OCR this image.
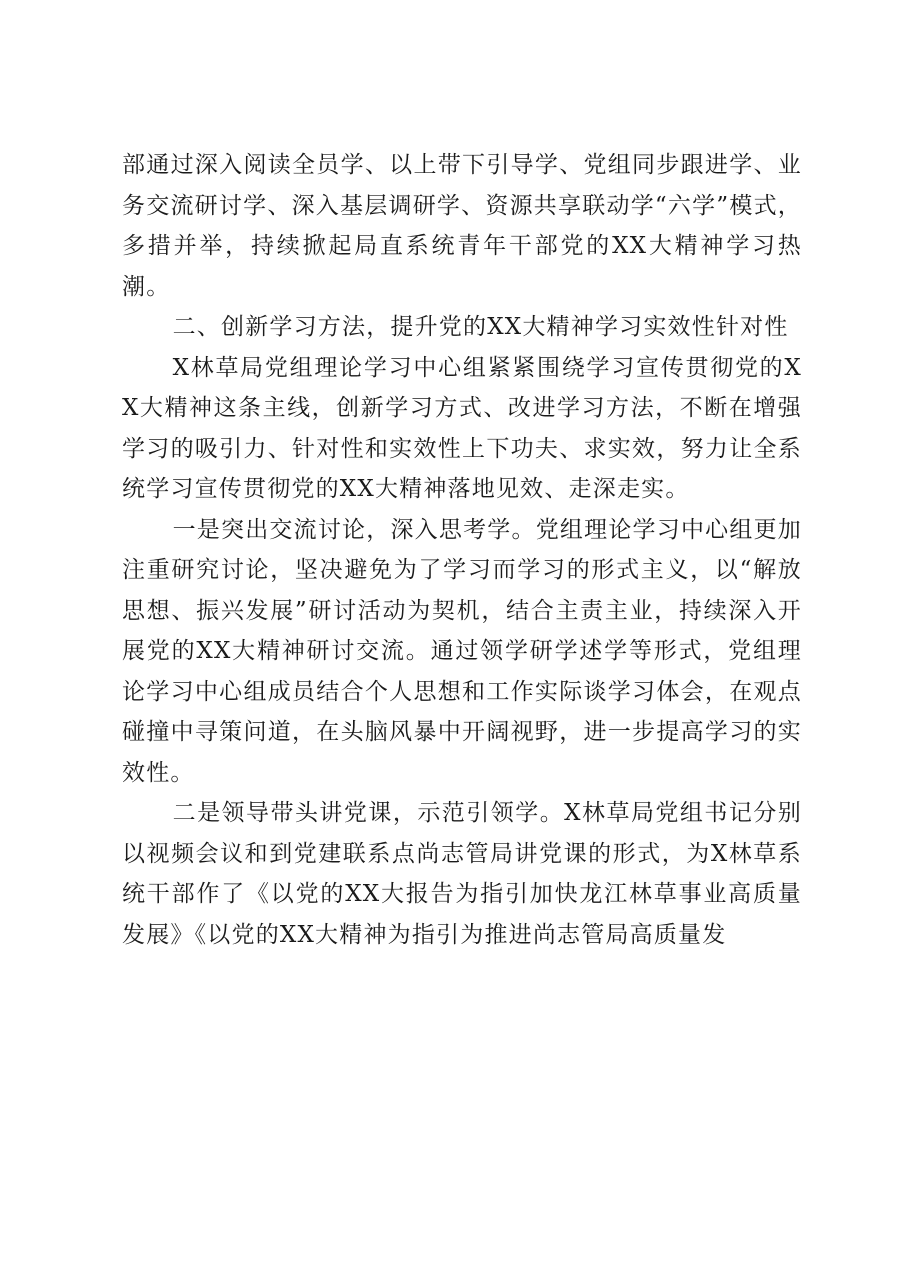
部通过深入阅读全员学、以上带下引导学、党组同步跟进学、业务交流研讨学、深入基层调研学、资源共享联动学“六学”模式，多措并举，持续掀起局直系统青年干部党的XX大精神学习热潮。

二、创新学习方法，提升党的XX大精神学习实效性针对性

X林草局党组理论学习中心组紧紧围绕学习宣传贯彻党的XX大精神这条主线，创新学习方式、改进学习方法，不断在增强学习的吸引力、针对性和实效性上下功夫、求实效，努力让全系统学习宣传贯彻党的XX大精神落地见效、走深走实。

一是突出交流讨论，深入思考学。党组理论学习中心组更加注重研究讨论，坚决避免为了学习而学习的形式主义，以“解放思想、振兴发展”研讨活动为契机，结合主责主业，持续深入开展党的XX大精神研讨交流。通过领学研学述学等形式，党组理论学习中心组成员结合个人思想和工作实际谈学习体会，在观点碰撞中寻策问道，在头脑风暴中开阔视野，进一步提高学习的实效性。

二是领导带头讲党课，示范引领学。X林草局党组书记分别以视频会议和到党建联系点尚志管局讲党课的形式，为X林草系统干部作了《以党的XX大报告为指引加快龙江林草事业高质量发展》《以党的XX大精神为指引为推进尚志管局高质量发
